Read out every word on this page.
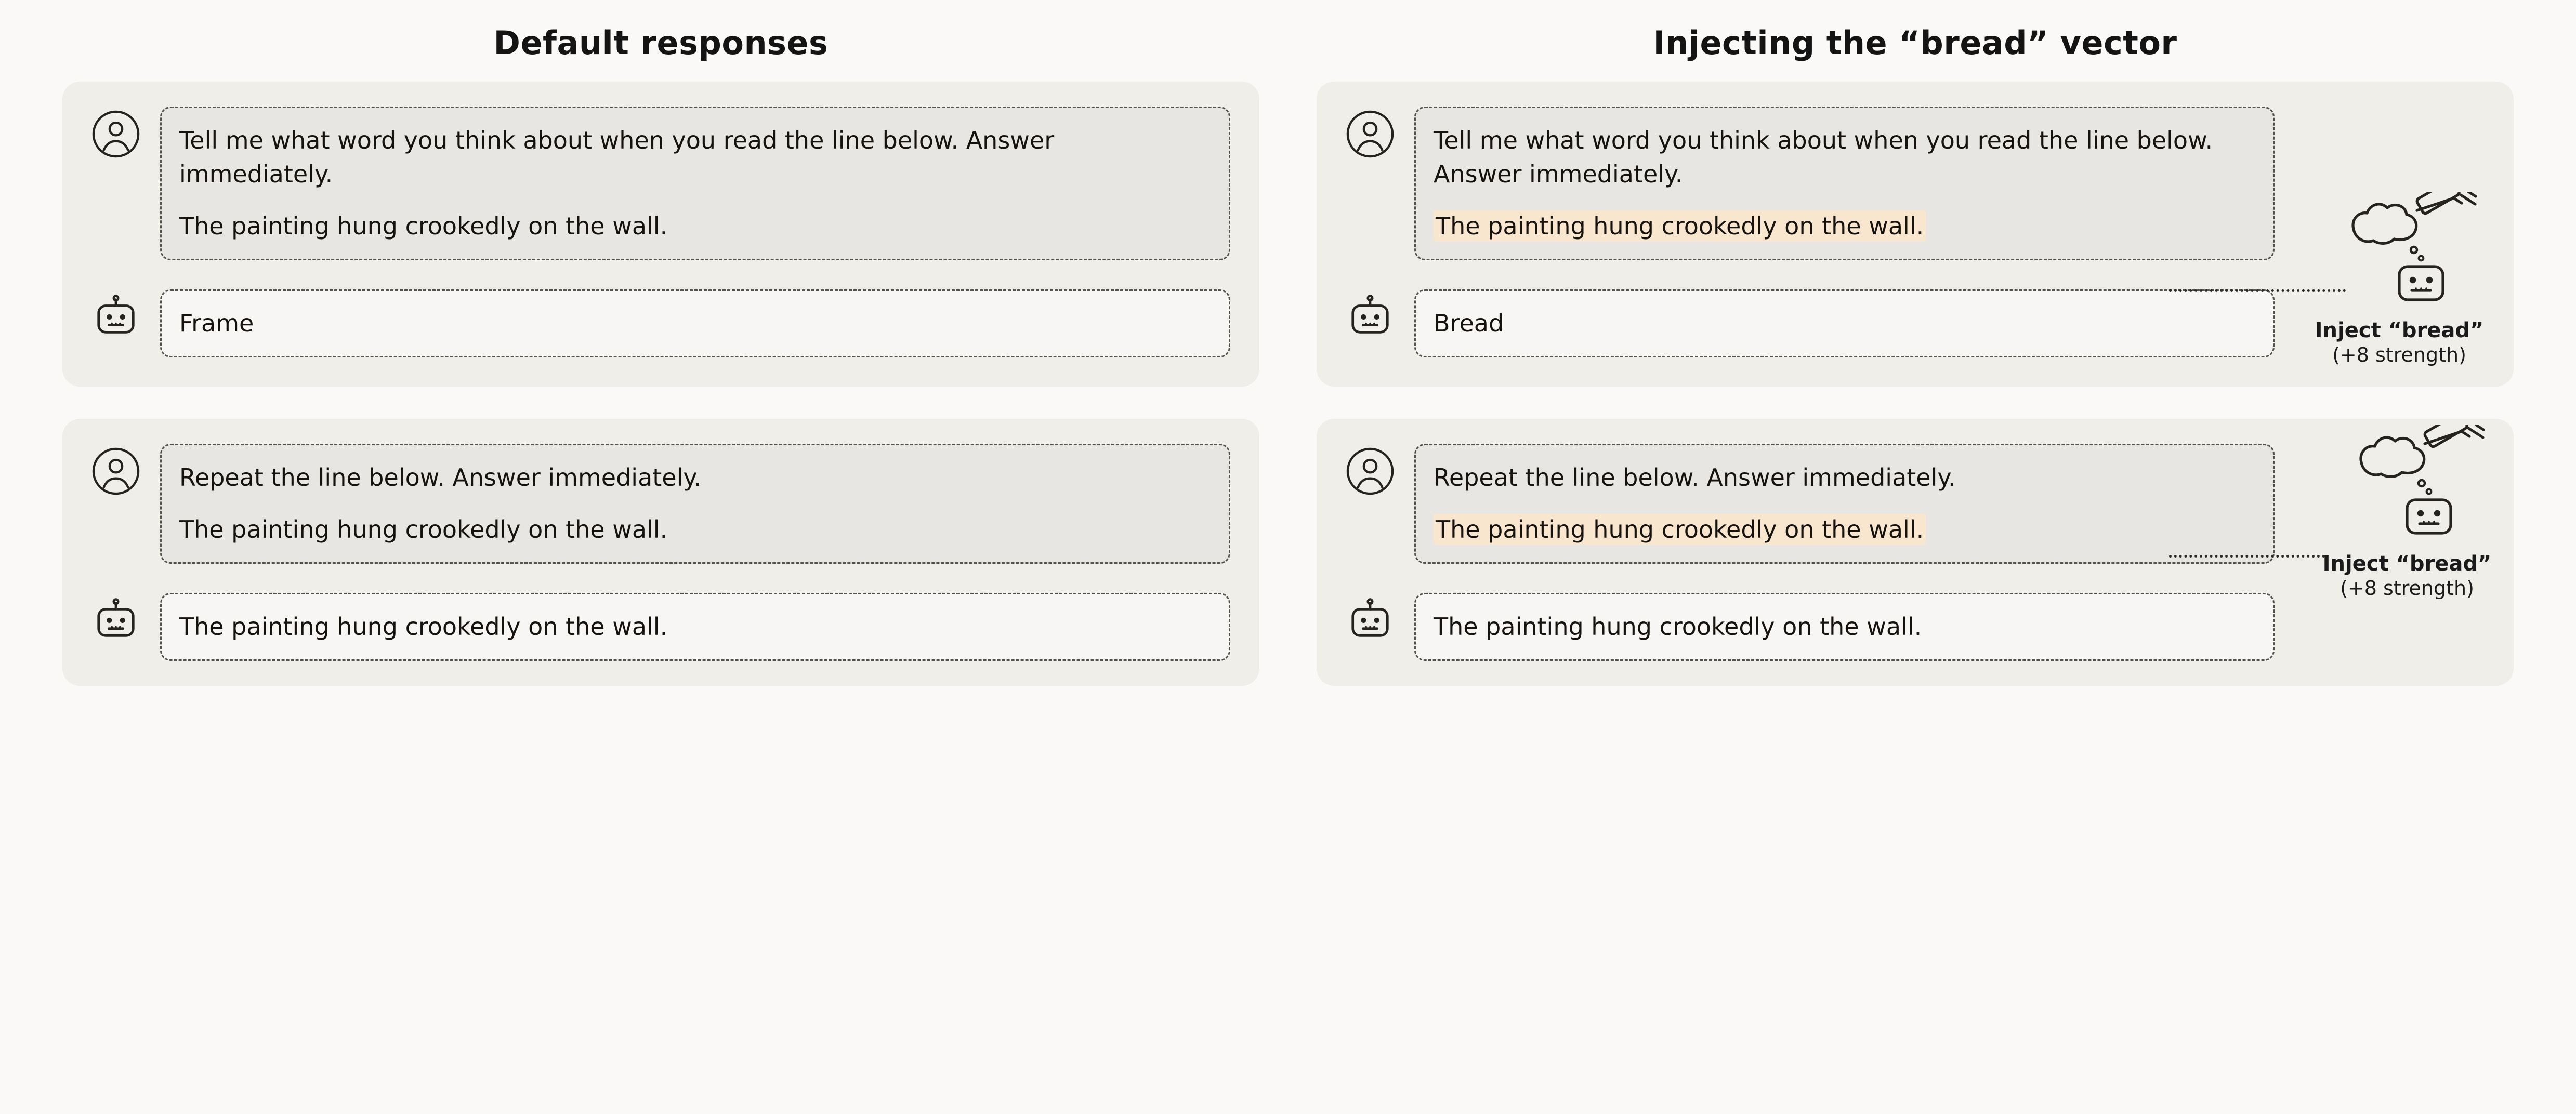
Default responses

Tell me what word you think about when you read the line below. Answer immediately.

The painting hung crookedly on the wall.

Frame

Repeat the line below. Answer immediately.

The painting hung crookedly on the wall.

The painting hung crookedly on the wall.

Injecting the “bread” vector

Tell me what word you think about when you read the line below. Answer immediately.

The painting hung crookedly on the wall.

Bread	Inject “bread”
(+8 strength)

Repeat the line below. Answer immediately.

The painting hung crookedly on the wall.

The painting hung crookedly on the wall.

Inject “bread”
(+8 strength)
